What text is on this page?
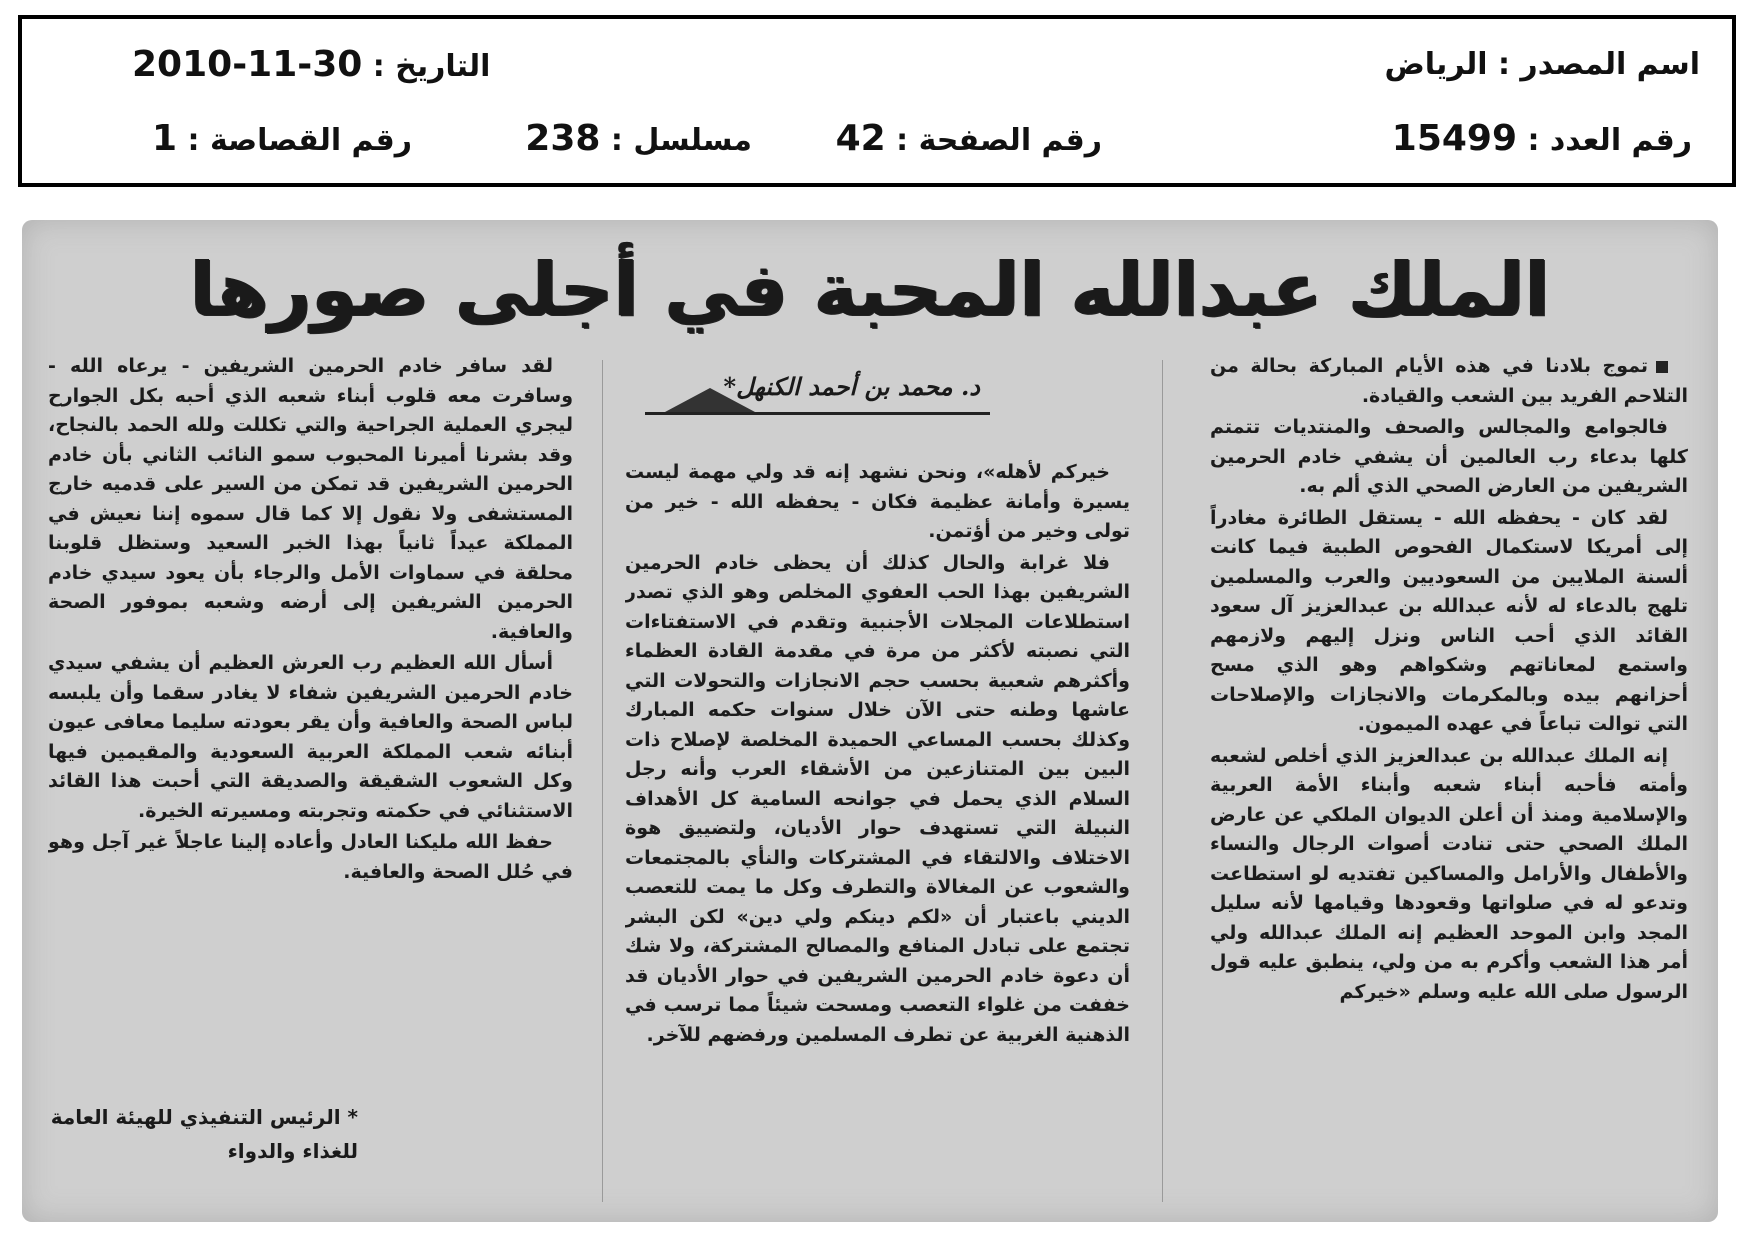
اسم المصدر : الرياض
التاريخ : 30-11-2010
رقم العدد : 15499
رقم الصفحة : 42
مسلسل : 238
رقم القصاصة : 1
الملك عبدالله المحبة في أجلى صورها
د. محمد بن أحمد الكنهل*

تموج بلادنا في هذه الأيام المباركة بحالة من التلاحم الفريد بين الشعب والقيادة.

فالجوامع والمجالس والصحف والمنتديات تتمتم كلها بدعاء رب العالمين أن يشفي خادم الحرمين الشريفين من العارض الصحي الذي ألم به.

لقد كان - يحفظه الله - يستقل الطائرة مغادراً إلى أمريكا لاستكمال الفحوص الطبية فيما كانت ألسنة الملايين من السعوديين والعرب والمسلمين تلهج بالدعاء له لأنه عبدالله بن عبدالعزيز آل سعود القائد الذي أحب الناس ونزل إليهم ولازمهم واستمع لمعاناتهم وشكواهم وهو الذي مسح أحزانهم بيده وبالمكرمات والانجازات والإصلاحات التي توالت تباعاً في عهده الميمون.

إنه الملك عبدالله بن عبدالعزيز الذي أخلص لشعبه وأمته فأحبه أبناء شعبه وأبناء الأمة العربية والإسلامية ومنذ أن أعلن الديوان الملكي عن عارض الملك الصحي حتى تنادت أصوات الرجال والنساء والأطفال والأرامل والمساكين تفتديه لو استطاعت وتدعو له في صلواتها وقعودها وقيامها لأنه سليل المجد وابن الموحد العظيم إنه الملك عبدالله ولي أمر هذا الشعب وأكرم به من ولي، ينطبق عليه قول الرسول صلى الله عليه وسلم «خيركم

خيركم لأهله»، ونحن نشهد إنه قد ولي مهمة ليست يسيرة وأمانة عظيمة فكان - يحفظه الله - خير من تولى وخير من أؤتمن.

فلا غرابة والحال كذلك أن يحظى خادم الحرمين الشريفين بهذا الحب العفوي المخلص وهو الذي تصدر استطلاعات المجلات الأجنبية وتقدم في الاستفتاءات التي نصبته لأكثر من مرة في مقدمة القادة العظماء وأكثرهم شعبية بحسب حجم الانجازات والتحولات التي عاشها وطنه حتى الآن خلال سنوات حكمه المبارك وكذلك بحسب المساعي الحميدة المخلصة لإصلاح ذات البين بين المتنازعين من الأشقاء العرب وأنه رجل السلام الذي يحمل في جوانحه السامية كل الأهداف النبيلة التي تستهدف حوار الأديان، ولتضييق هوة الاختلاف والالتقاء في المشتركات والنأي بالمجتمعات والشعوب عن المغالاة والتطرف وكل ما يمت للتعصب الديني باعتبار أن «لكم دينكم ولي دين» لكن البشر تجتمع على تبادل المنافع والمصالح المشتركة، ولا شك أن دعوة خادم الحرمين الشريفين في حوار الأديان قد خففت من غلواء التعصب ومسحت شيئاً مما ترسب في الذهنية الغربية عن تطرف المسلمين ورفضهم للآخر.

لقد سافر خادم الحرمين الشريفين - يرعاه الله - وسافرت معه قلوب أبناء شعبه الذي أحبه بكل الجوارح ليجري العملية الجراحية والتي تكللت ولله الحمد بالنجاح، وقد بشرنا أميرنا المحبوب سمو النائب الثاني بأن خادم الحرمين الشريفين قد تمكن من السير على قدميه خارج المستشفى ولا نقول إلا كما قال سموه إننا نعيش في المملكة عيداً ثانياً بهذا الخبر السعيد وستظل قلوبنا محلقة في سماوات الأمل والرجاء بأن يعود سيدي خادم الحرمين الشريفين إلى أرضه وشعبه بموفور الصحة والعافية.

أسأل الله العظيم رب العرش العظيم أن يشفي سيدي خادم الحرمين الشريفين شفاء لا يغادر سقما وأن يلبسه لباس الصحة والعافية وأن يقر بعودته سليما معافى عيون أبنائه شعب المملكة العربية السعودية والمقيمين فيها وكل الشعوب الشقيقة والصديقة التي أحبت هذا القائد الاستثنائي في حكمته وتجربته ومسيرته الخيرة.

حفظ الله مليكنا العادل وأعاده إلينا عاجلاً غير آجل وهو في حُلل الصحة والعافية.

* الرئيس التنفيذي للهيئة العامة للغذاء والدواء
